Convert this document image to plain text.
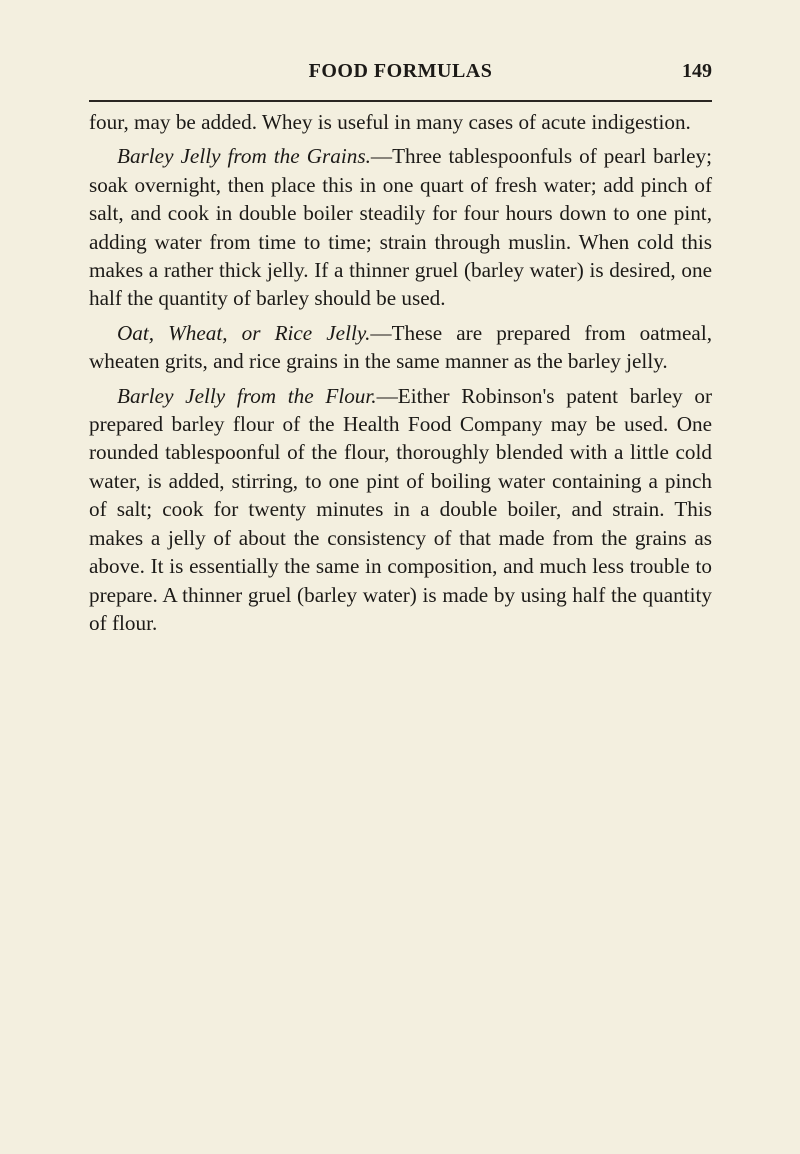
FOOD FORMULAS	149

four, may be added. Whey is useful in many cases of acute indigestion.

Barley Jelly from the Grains.—Three tablespoonfuls of pearl barley; soak overnight, then place this in one quart of fresh water; add pinch of salt, and cook in double boiler steadily for four hours down to one pint, adding water from time to time; strain through muslin. When cold this makes a rather thick jelly. If a thinner gruel (barley water) is desired, one half the quantity of barley should be used.

Oat, Wheat, or Rice Jelly.—These are prepared from oatmeal, wheaten grits, and rice grains in the same manner as the barley jelly.

Barley Jelly from the Flour.—Either Robinson's patent barley or prepared barley flour of the Health Food Company may be used. One rounded tablespoonful of the flour, thoroughly blended with a little cold water, is added, stirring, to one pint of boiling water containing a pinch of salt; cook for twenty minutes in a double boiler, and strain. This makes a jelly of about the consistency of that made from the grains as above. It is essentially the same in composition, and much less trouble to prepare. A thinner gruel (barley water) is made by using half the quantity of flour.
